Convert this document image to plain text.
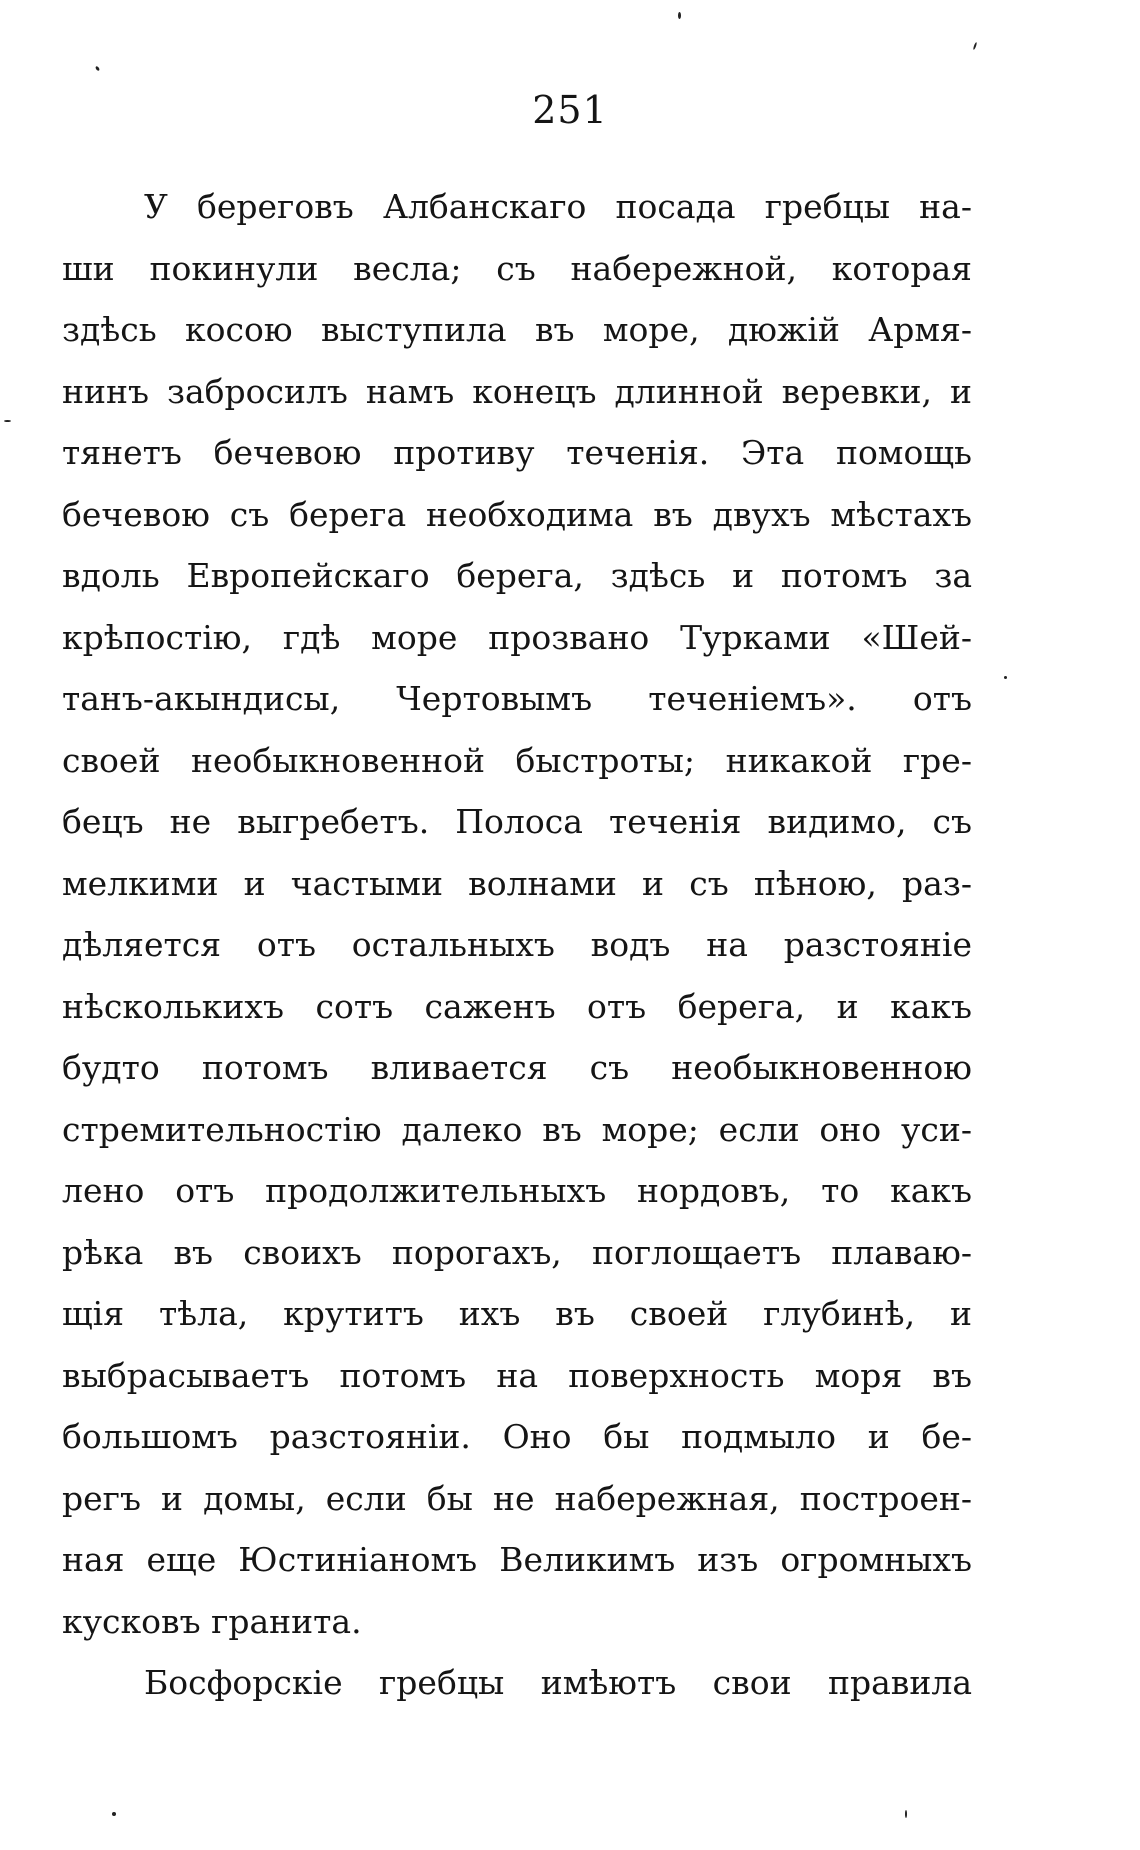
251
У береговъ Албанскаго посада гребцы на-
ши покинули весла; съ набережной, которая
здѣсь косою выступила въ море, дюжій Армя-
нинъ забросилъ намъ конецъ длинной веревки, и
тянетъ бечевою противу теченія. Эта помощь
бечевою съ берега необходима въ двухъ мѣстахъ
вдоль Европейскаго берега, здѣсь и потомъ за
крѣпостію, гдѣ море прозвано Турками «Шей-
танъ-акындисы, Чертовымъ теченіемъ». отъ
своей необыкновенной быстроты; никакой гре-
бецъ не выгребетъ. Полоса теченія видимо, съ
мелкими и частыми волнами и съ пѣною, раз-
дѣляется отъ остальныхъ водъ на разстояніе
нѣсколькихъ сотъ саженъ отъ берега, и какъ
будто потомъ вливается съ необыкновенною
стремительностію далеко въ море; если оно уси-
лено отъ продолжительныхъ нордовъ, то какъ
рѣка въ своихъ порогахъ, поглощаетъ плаваю-
щія тѣла, крутитъ ихъ въ своей глубинѣ, и
выбрасываетъ потомъ на поверхность моря въ
большомъ разстояніи. Оно бы подмыло и бе-
регъ и домы, если бы не набережная, построен-
ная еще Юстиніаномъ Великимъ изъ огромныхъ
кусковъ гранита.
Босфорскіе гребцы имѣютъ свои правила
